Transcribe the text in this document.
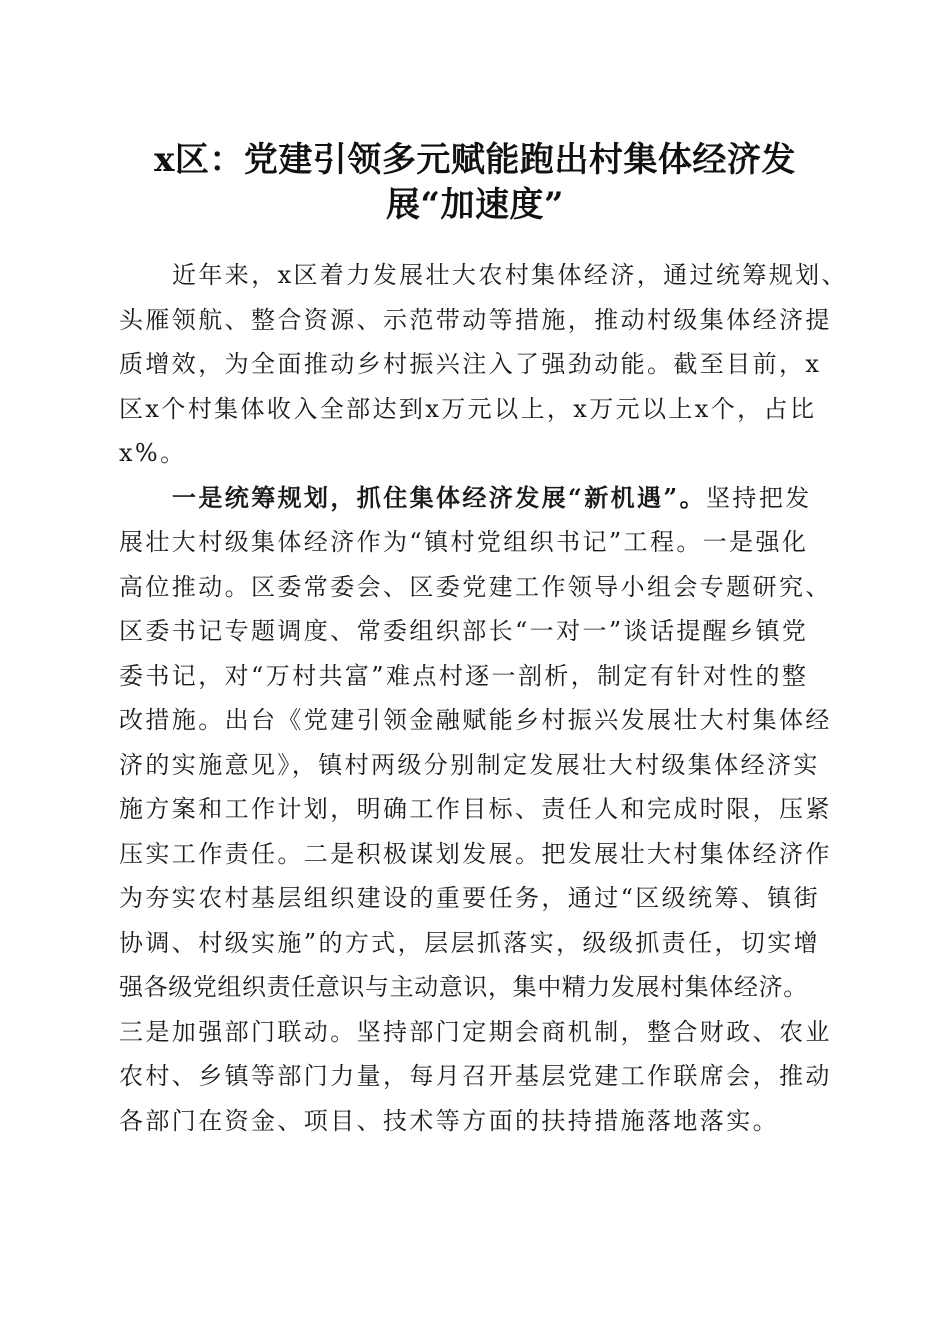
x区：党建引领多元赋能跑出村集体经济发
展“加速度”

近年来，x区着力发展壮大农村集体经济，通过统筹规划、
头雁领航、整合资源、示范带动等措施，推动村级集体经济提
质增效，为全面推动乡村振兴注入了强劲动能。截至目前，x
区x个村集体收入全部达到x万元以上，x万元以上x个，占比
x%。

一是统筹规划，抓住集体经济发展“新机遇”。坚持把发
展壮大村级集体经济作为“镇村党组织书记”工程。一是强化
高位推动。区委常委会、区委党建工作领导小组会专题研究、
区委书记专题调度、常委组织部长“一对一”谈话提醒乡镇党
委书记，对“万村共富”难点村逐一剖析，制定有针对性的整
改措施。出台《党建引领金融赋能乡村振兴发展壮大村集体经
济的实施意见》，镇村两级分别制定发展壮大村级集体经济实
施方案和工作计划，明确工作目标、责任人和完成时限，压紧
压实工作责任。二是积极谋划发展。把发展壮大村集体经济作
为夯实农村基层组织建设的重要任务，通过“区级统筹、镇街
协调、村级实施”的方式，层层抓落实，级级抓责任，切实增
强各级党组织责任意识与主动意识，集中精力发展村集体经济。
三是加强部门联动。坚持部门定期会商机制，整合财政、农业
农村、乡镇等部门力量，每月召开基层党建工作联席会，推动
各部门在资金、项目、技术等方面的扶持措施落地落实。
